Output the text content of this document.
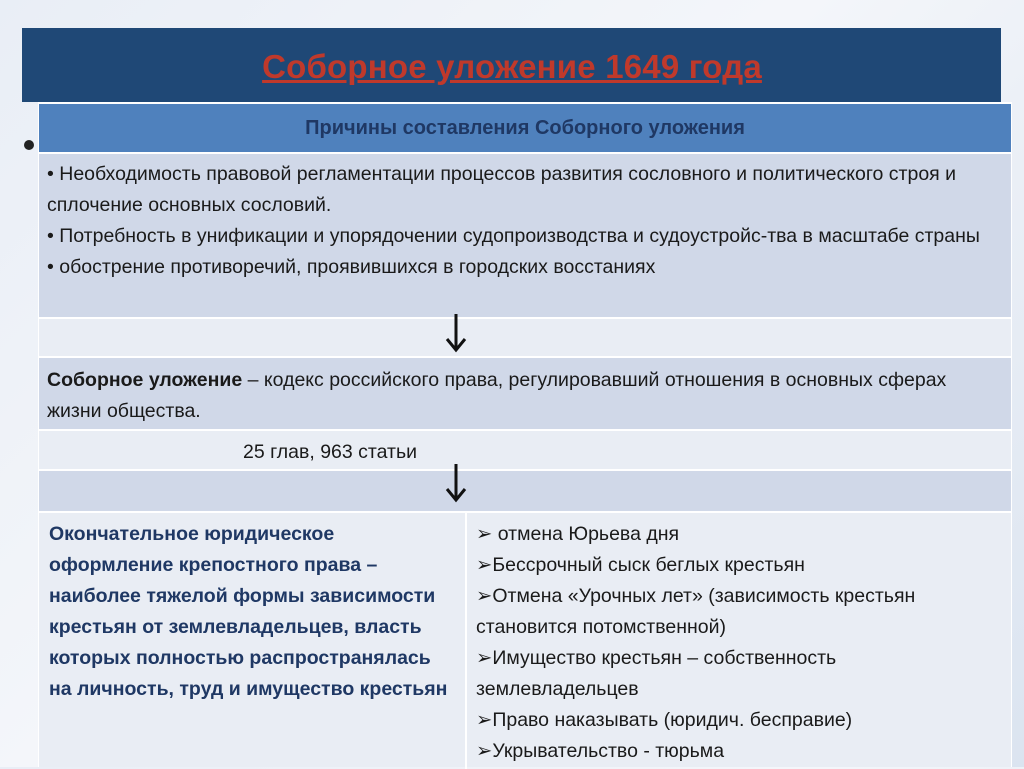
Соборное уложение 1649 года
Причины составления Соборного уложения
• Необходимость правовой регламентации процессов развития сословного и политического строя и сплочение основных сословий.
• Потребность в унификации и упорядочении судопроизводства и судоустройс-тва в масштабе страны
• обострение противоречий, проявившихся в городских восстаниях
Соборное уложение – кодекс российского права, регулировавший отношения в основных сферах жизни общества.
25 глав, 963 статьи
Окончательное юридическое оформление крепостного права – наиболее тяжелой формы зависимости крестьян от землевладельцев, власть которых полностью распространялась на личность, труд и имущество крестьян
➢ отмена Юрьева дня
➢Бессрочный сыск беглых крестьян
➢Отмена «Урочных лет» (зависимость крестьян становится потомственной)
➢Имущество крестьян – собственность землевладельцев
➢Право наказывать (юридич. бесправие)
➢Укрывательство - тюрьма
